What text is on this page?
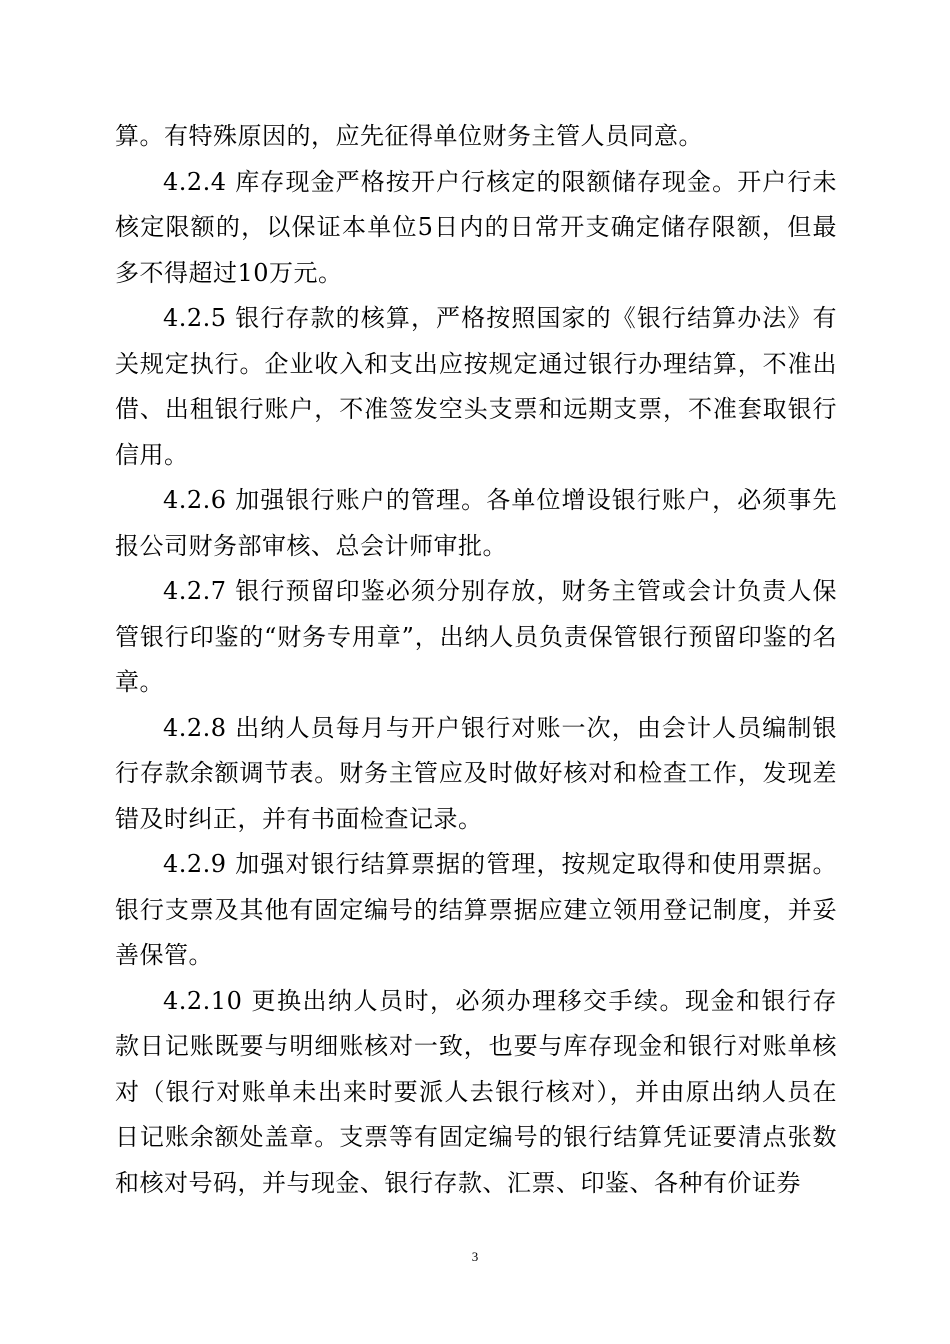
算。有特殊原因的，应先征得单位财务主管人员同意。

4.2.4 库存现金严格按开户行核定的限额储存现金。开户行未核定限额的，以保证本单位5日内的日常开支确定储存限额，但最多不得超过10万元。

4.2.5 银行存款的核算，严格按照国家的《银行结算办法》有关规定执行。企业收入和支出应按规定通过银行办理结算，不准出借、出租银行账户，不准签发空头支票和远期支票，不准套取银行信用。

4.2.6 加强银行账户的管理。各单位增设银行账户，必须事先报公司财务部审核、总会计师审批。

4.2.7 银行预留印鉴必须分别存放，财务主管或会计负责人保管银行印鉴的“财务专用章”，出纳人员负责保管银行预留印鉴的名章。

4.2.8 出纳人员每月与开户银行对账一次，由会计人员编制银行存款余额调节表。财务主管应及时做好核对和检查工作，发现差错及时纠正，并有书面检查记录。

4.2.9 加强对银行结算票据的管理，按规定取得和使用票据。银行支票及其他有固定编号的结算票据应建立领用登记制度，并妥善保管。

4.2.10 更换出纳人员时，必须办理移交手续。现金和银行存款日记账既要与明细账核对一致，也要与库存现金和银行对账单核对（银行对账单未出来时要派人去银行核对），并由原出纳人员在日记账余额处盖章。支票等有固定编号的银行结算凭证要清点张数和核对号码，并与现金、银行存款、汇票、印鉴、各种有价证券

3
